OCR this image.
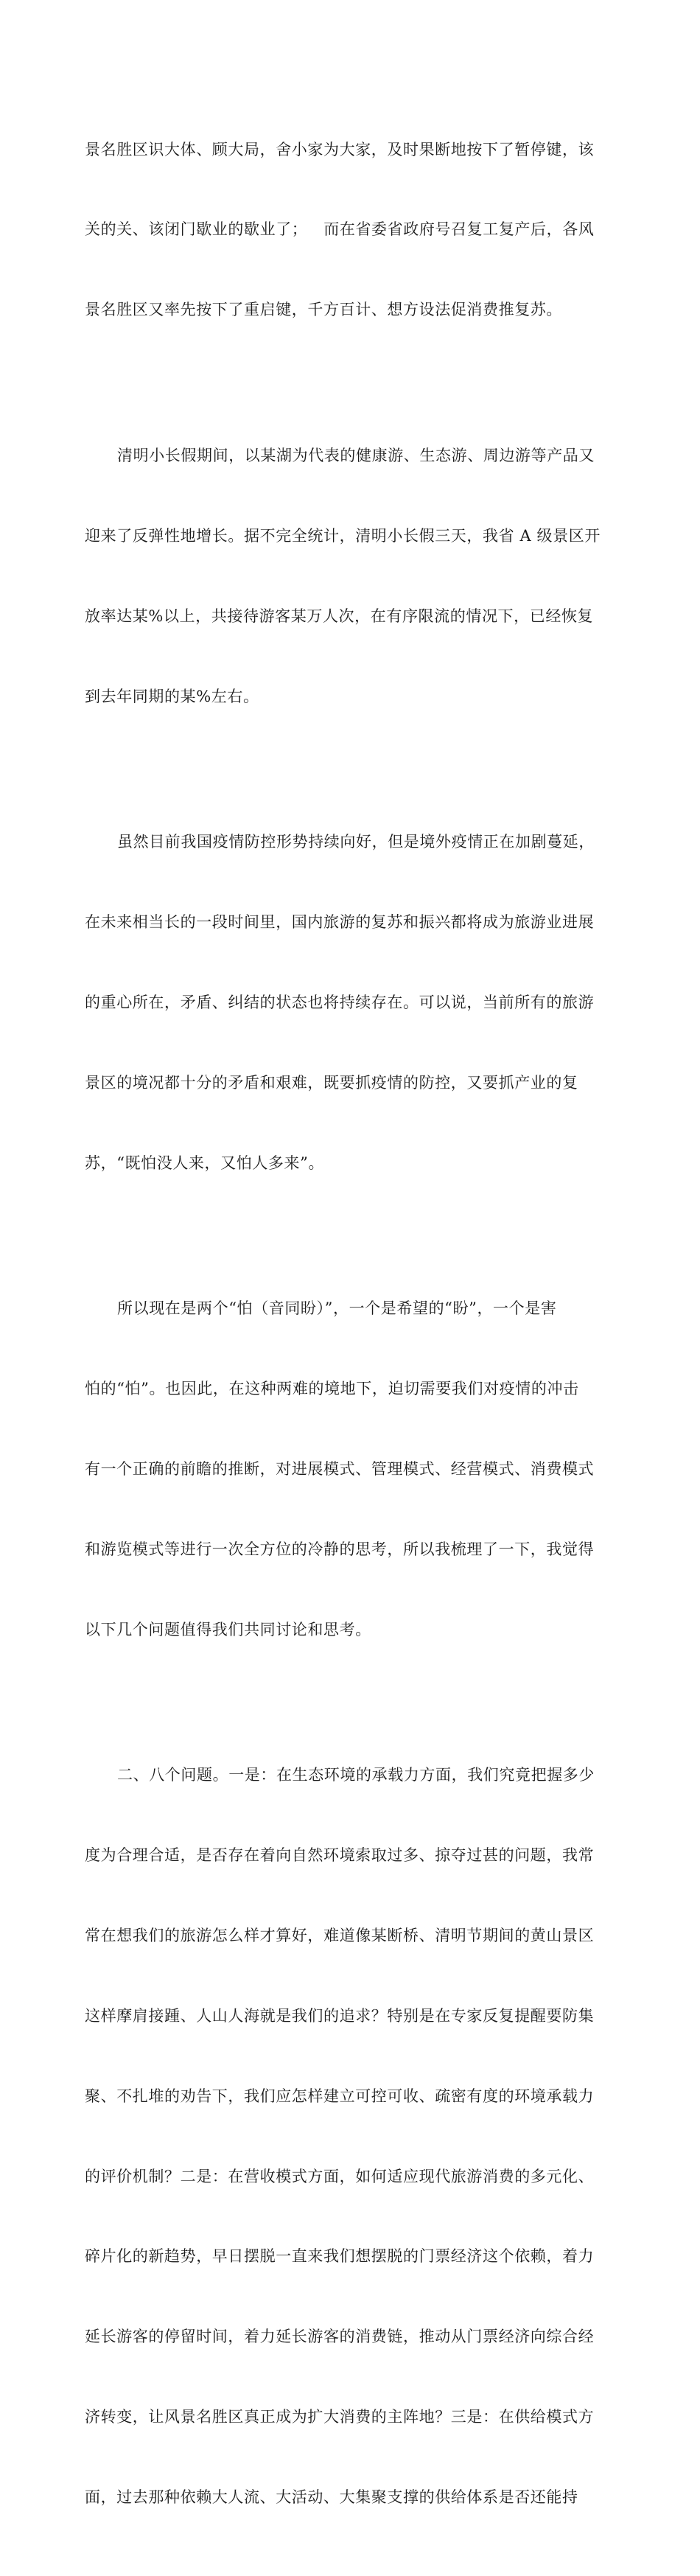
景名胜区识大体、顾大局，舍小家为大家，及时果断地按下了暂停键，该

关的关、该闭门歇业的歇业了；   而在省委省政府号召复工复产后，各风

景名胜区又率先按下了重启键，千方百计、想方设法促消费推复苏。

清明小长假期间，以某湖为代表的健康游、生态游、周边游等产品又

迎来了反弹性地增长。据不完全统计，清明小长假三天，我省 A 级景区开

放率达某%以上，共接待游客某万人次，在有序限流的情况下，已经恢复

到去年同期的某%左右。

虽然目前我国疫情防控形势持续向好，但是境外疫情正在加剧蔓延，

在未来相当长的一段时间里，国内旅游的复苏和振兴都将成为旅游业进展

的重心所在，矛盾、纠结的状态也将持续存在。可以说，当前所有的旅游

景区的境况都十分的矛盾和艰难，既要抓疫情的防控，又要抓产业的复

苏，“既怕没人来，又怕人多来”。

所以现在是两个“怕（音同盼）”，一个是希望的“盼”，一个是害

怕的“怕”。也因此，在这种两难的境地下，迫切需要我们对疫情的冲击

有一个正确的前瞻的推断，对进展模式、管理模式、经营模式、消费模式

和游览模式等进行一次全方位的冷静的思考，所以我梳理了一下，我觉得

以下几个问题值得我们共同讨论和思考。

二、八个问题。一是：在生态环境的承载力方面，我们究竟把握多少

度为合理合适，是否存在着向自然环境索取过多、掠夺过甚的问题，我常

常在想我们的旅游怎么样才算好，难道像某断桥、清明节期间的黄山景区

这样摩肩接踵、人山人海就是我们的追求？特别是在专家反复提醒要防集

聚、不扎堆的劝告下，我们应怎样建立可控可收、疏密有度的环境承载力

的评价机制？二是：在营收模式方面，如何适应现代旅游消费的多元化、

碎片化的新趋势，早日摆脱一直来我们想摆脱的门票经济这个依赖，着力

延长游客的停留时间，着力延长游客的消费链，推动从门票经济向综合经

济转变，让风景名胜区真正成为扩大消费的主阵地？三是：在供给模式方

面，过去那种依赖大人流、大活动、大集聚支撑的供给体系是否还能持
